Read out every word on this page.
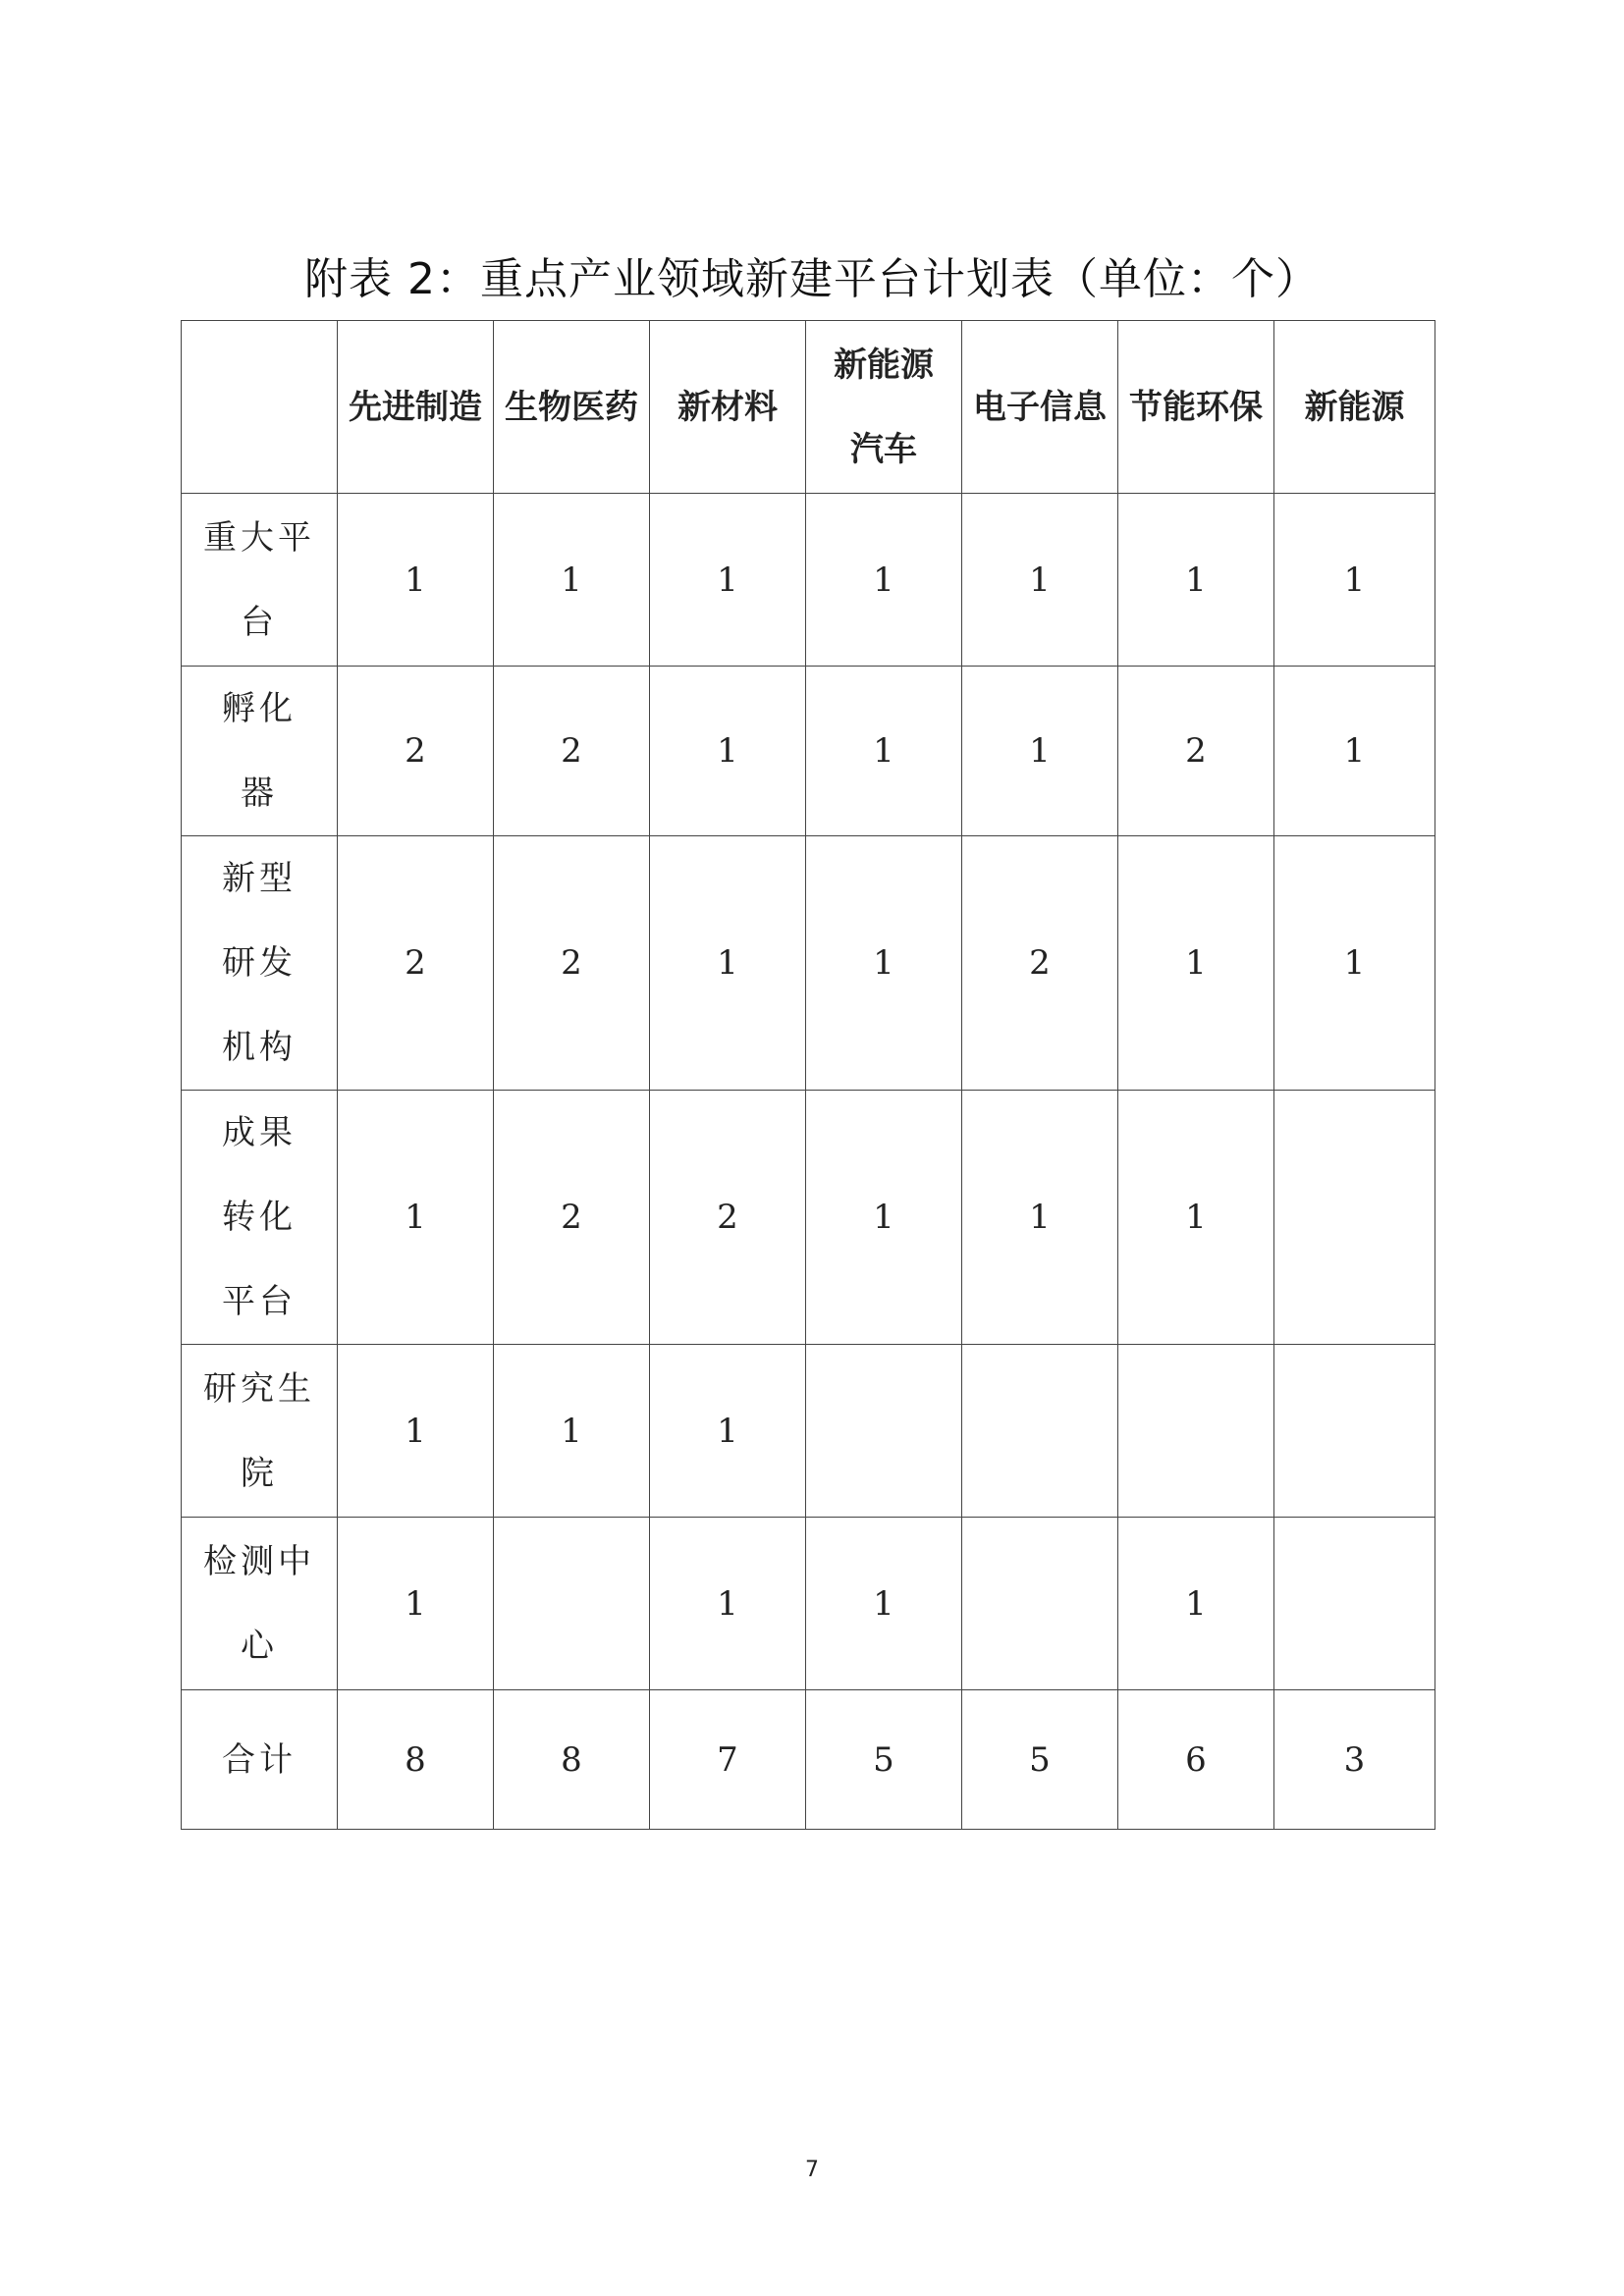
附表 2：重点产业领域新建平台计划表（单位：个）
	先进制造	生物医药	新材料	新能源汽车	电子信息	节能环保	新能源
重大平台	1	1	1	1	1	1	1
孵化器	2	2	1	1	1	2	1
新型研发机构	2	2	1	1	2	1	1
成果转化平台	1	2	2	1	1	1	
研究生院	1	1	1				
检测中心	1		1	1		1	
合计	8	8	7	5	5	6	3
7
